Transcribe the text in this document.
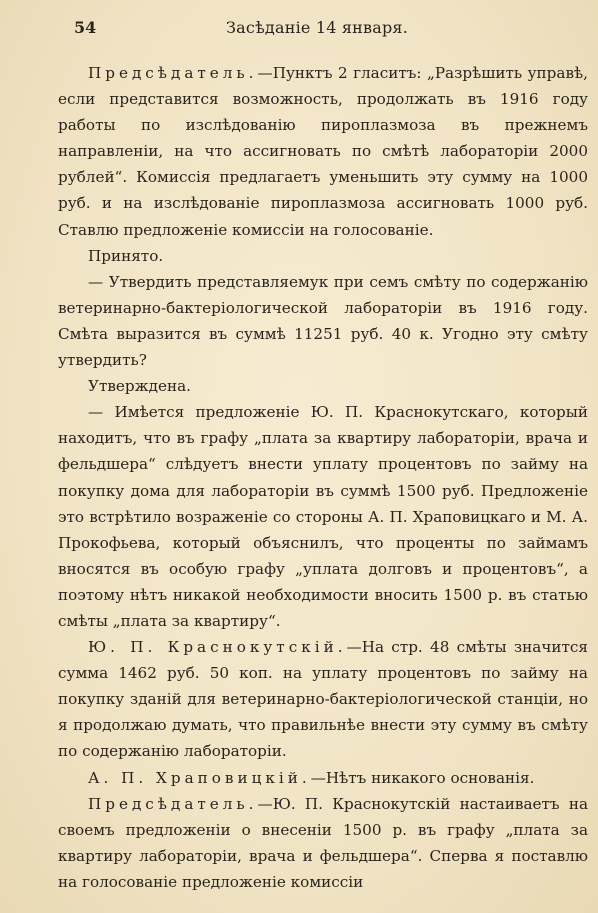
54	Засѣданіе 14 января.

Предсѣдатель.—Пунктъ 2 гласитъ: „Разрѣшить управѣ, если представится возможность, продолжать въ 1916 году работы по изслѣдованію пироплазмоза въ прежнемъ направленіи, на что ассигновать по смѣтѣ лабораторіи 2000 рублей“. Комиссія предлагаетъ уменьшить эту сумму на 1000 руб. и на изслѣдованіе пироплазмоза ассигновать 1000 руб. Ставлю предложеніе комиссіи на голосованіе.

Принято.

— Утвердить представляемук при семъ смѣту по содержанію ветеринарно-бактеріологической лабораторіи въ 1916 году. Смѣта выразится въ суммѣ 11251 руб. 40 к. Угодно эту смѣту утвердить?

Утверждена.

— Имѣется предложеніе Ю. П. Краснокутскаго, который находитъ, что въ графу „плата за квартиру лабораторіи, врача и фельдшера“ слѣдуетъ внести уплату процентовъ по займу на покупку дома для лабораторіи въ суммѣ 1500 руб. Предложеніе это встрѣтило возраженіе со стороны А. П. Храповицкаго и М. А. Прокофьева, который объяснилъ, что проценты по займамъ вносятся въ особую графу „уплата долговъ и процентовъ“, а поэтому нѣтъ никакой необходимости вносить 1500 р. въ статью смѣты „плата за квартиру“.

Ю. П. Краснокутскій.—На стр. 48 смѣты значится сумма 1462 руб. 50 коп. на уплату процентовъ по займу на покупку зданій для ветеринарно-бактеріологической станціи, но я продолжаю думать, что правильнѣе внести эту сумму въ смѣту по содержанію лабораторіи.

А. П. Храповицкій.—Нѣтъ никакого основанія.

Предсѣдатель.—Ю. П. Краснокутскій настаиваетъ на своемъ предложеніи о внесеніи 1500 р. въ графу „плата за квартиру лабораторіи, врача и фельдшера“. Сперва я поставлю на голосованіе предложеніе комиссіи
